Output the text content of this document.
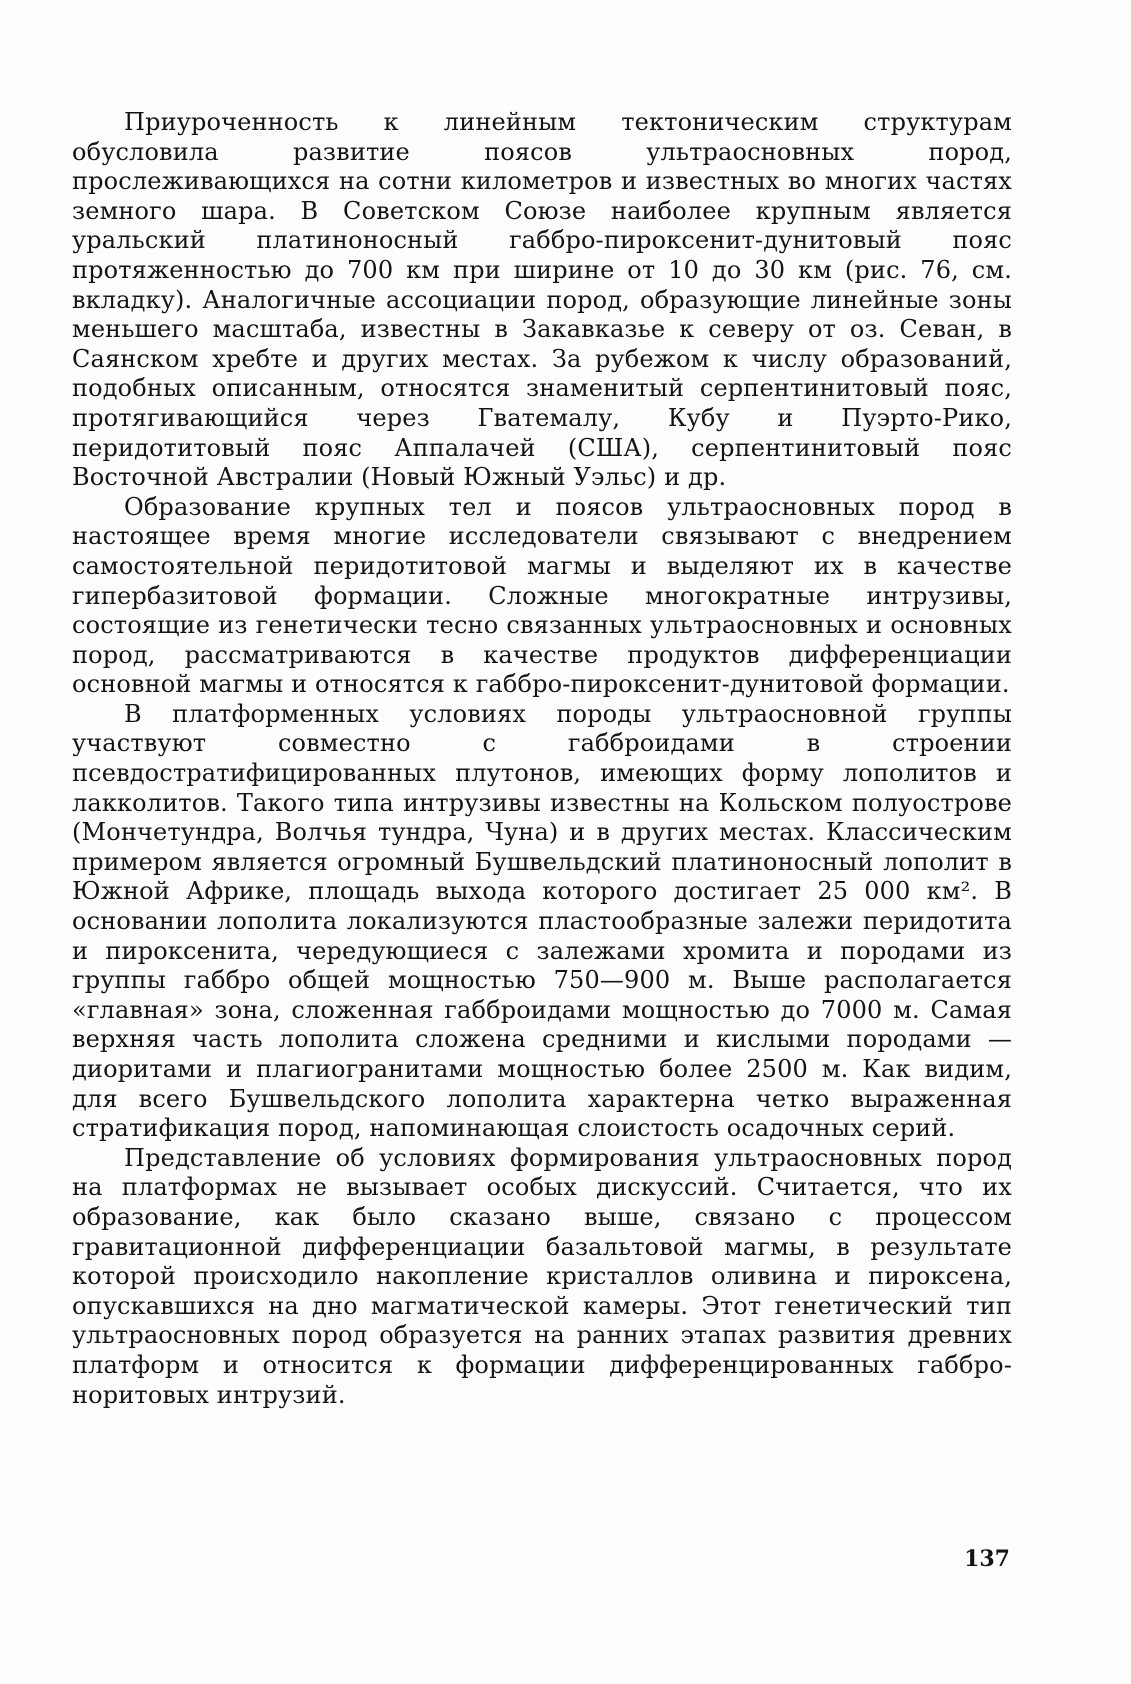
Приуроченность к линейным тектоническим структурам обусловила развитие поясов ультраосновных пород, прослеживающихся на сотни километров и известных во многих частях земного шара. В Советском Союзе наиболее крупным является уральский платиноносный габбро-пироксенит-дунитовый пояс протяженностью до 700 км при ширине от 10 до 30 км (рис. 76, см. вкладку). Аналогичные ассоциации пород, образующие линейные зоны меньшего масштаба, известны в Закавказье к северу от оз. Севан, в Саянском хребте и других местах. За рубежом к числу образований, подобных описанным, относятся знаменитый серпентинитовый пояс, протягивающийся через Гватемалу, Кубу и Пуэрто-Рико, перидотитовый пояс Аппалачей (США), серпентинитовый пояс Восточной Австралии (Новый Южный Уэльс) и др.

Образование крупных тел и поясов ультраосновных пород в настоящее время многие исследователи связывают с внедрением самостоятельной перидотитовой магмы и выделяют их в качестве гипербазитовой формации. Сложные многократные интрузивы, состоящие из генетически тесно связанных ультраосновных и основных пород, рассматриваются в качестве продуктов дифференциации основной магмы и относятся к габбро-пироксенит-дунитовой формации.

В платформенных условиях породы ультраосновной группы участвуют совместно с габброидами в строении псевдостратифицированных плутонов, имеющих форму лополитов и лакколитов. Такого типа интрузивы известны на Кольском полуострове (Мончетундра, Волчья тундра, Чуна) и в других местах. Классическим примером является огромный Бушвельдский платиноносный лополит в Южной Африке, площадь выхода которого достигает 25 000 км². В основании лополита локализуются пластообразные залежи перидотита и пироксенита, чередующиеся с залежами хромита и породами из группы габбро общей мощностью 750—900 м. Выше располагается «главная» зона, сложенная габброидами мощностью до 7000 м. Самая верхняя часть лополита сложена средними и кислыми породами — диоритами и плагиогранитами мощностью более 2500 м. Как видим, для всего Бушвельдского лополита характерна четко выраженная стратификация пород, напоминающая слоистость осадочных серий.

Представление об условиях формирования ультраосновных пород на платформах не вызывает особых дискуссий. Считается, что их образование, как было сказано выше, связано с процессом гравитационной дифференциации базальтовой магмы, в результате которой происходило накопление кристаллов оливина и пироксена, опускавшихся на дно магматической камеры. Этот генетический тип ультраосновных пород образуется на ранних этапах развития древних платформ и относится к формации дифференцированных габбро-норитовых интрузий.

137
